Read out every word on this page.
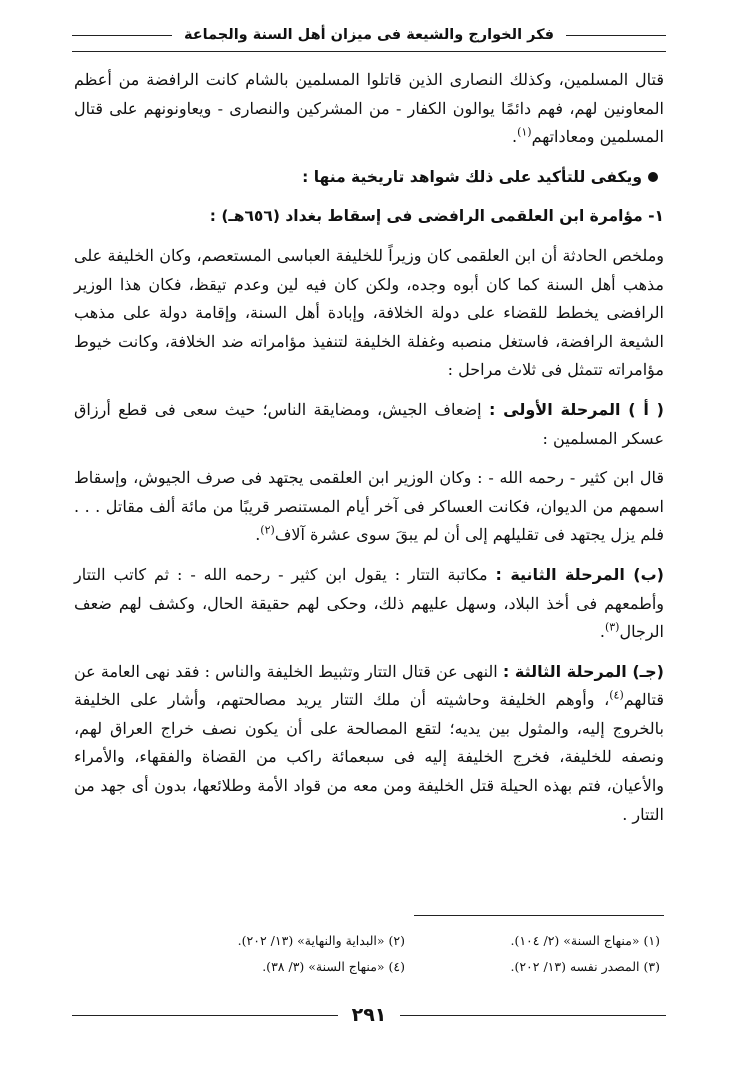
فكر الخوارج والشيعة فى ميزان أهل السنة والجماعة

قتال المسلمين، وكذلك النصارى الذين قاتلوا المسلمين بالشام كانت الرافضة من أعظم المعاونين لهم، فهم دائمًا يوالون الكفار - من المشركين والنصارى - ويعاونونهم على قتال المسلمين ومعاداتهم$^{(١)}$.

ويكفى للتأكيد على ذلك شواهد تاريخية منها :

١- مؤامرة ابن العلقمى الرافضى فى إسقاط بغداد (٦٥٦هـ) :

وملخص الحادثة أن ابن العلقمى كان وزيراً للخليفة العباسى المستعصم، وكان الخليفة على مذهب أهل السنة كما كان أبوه وجده، ولكن كان فيه لين وعدم تيقظ، فكان هذا الوزير الرافضى يخطط للقضاء على دولة الخلافة، وإبادة أهل السنة، وإقامة دولة على مذهب الشيعة الرافضة، فاستغل منصبه وغفلة الخليفة لتنفيذ مؤامراته ضد الخلافة، وكانت خيوط مؤامراته تتمثل فى ثلاث مراحل :

( أ ) المرحلة الأولى : إضعاف الجيش، ومضايقة الناس؛ حيث سعى فى قطع أرزاق عسكر المسلمين :

قال ابن كثير - رحمه الله - : وكان الوزير ابن العلقمى يجتهد فى صرف الجيوش، وإسقاط اسمهم من الديوان، فكانت العساكر فى آخر أيام المستنصر قريبًا من مائة ألف مقاتل . . . فلم يزل يجتهد فى تقليلهم إلى أن لم يبقَ سوى عشرة آلاف$^{(٢)}$.

(ب) المرحلة الثانية : مكاتبة التتار : يقول ابن كثير - رحمه الله - : ثم كاتب التتار وأطمعهم فى أخذ البلاد، وسهل عليهم ذلك، وحكى لهم حقيقة الحال، وكشف لهم ضعف الرجال$^{(٣)}$.

(جـ) المرحلة الثالثة : النهى عن قتال التتار وتثبيط الخليفة والناس : فقد نهى العامة عن قتالهم$^{(٤)}$، وأوهم الخليفة وحاشيته أن ملك التتار يريد مصالحتهم، وأشار على الخليفة بالخروج إليه، والمثول بين يديه؛ لتقع المصالحة على أن يكون نصف خراج العراق لهم، ونصفه للخليفة، فخرج الخليفة إليه فى سبعمائة راكب من القضاة والفقهاء، والأمراء والأعيان، فتم بهذه الحيلة قتل الخليفة ومن معه من قواد الأمة وطلائعها، بدون أى جهد من التتار .

(١) «منهاج السنة» (٢/ ١٠٤).
(٢) «البداية والنهاية» (١٣/ ٢٠٢).
(٣) المصدر نفسه (١٣/ ٢٠٢).
(٤) «منهاج السنة» (٣/ ٣٨).
٢٩١
